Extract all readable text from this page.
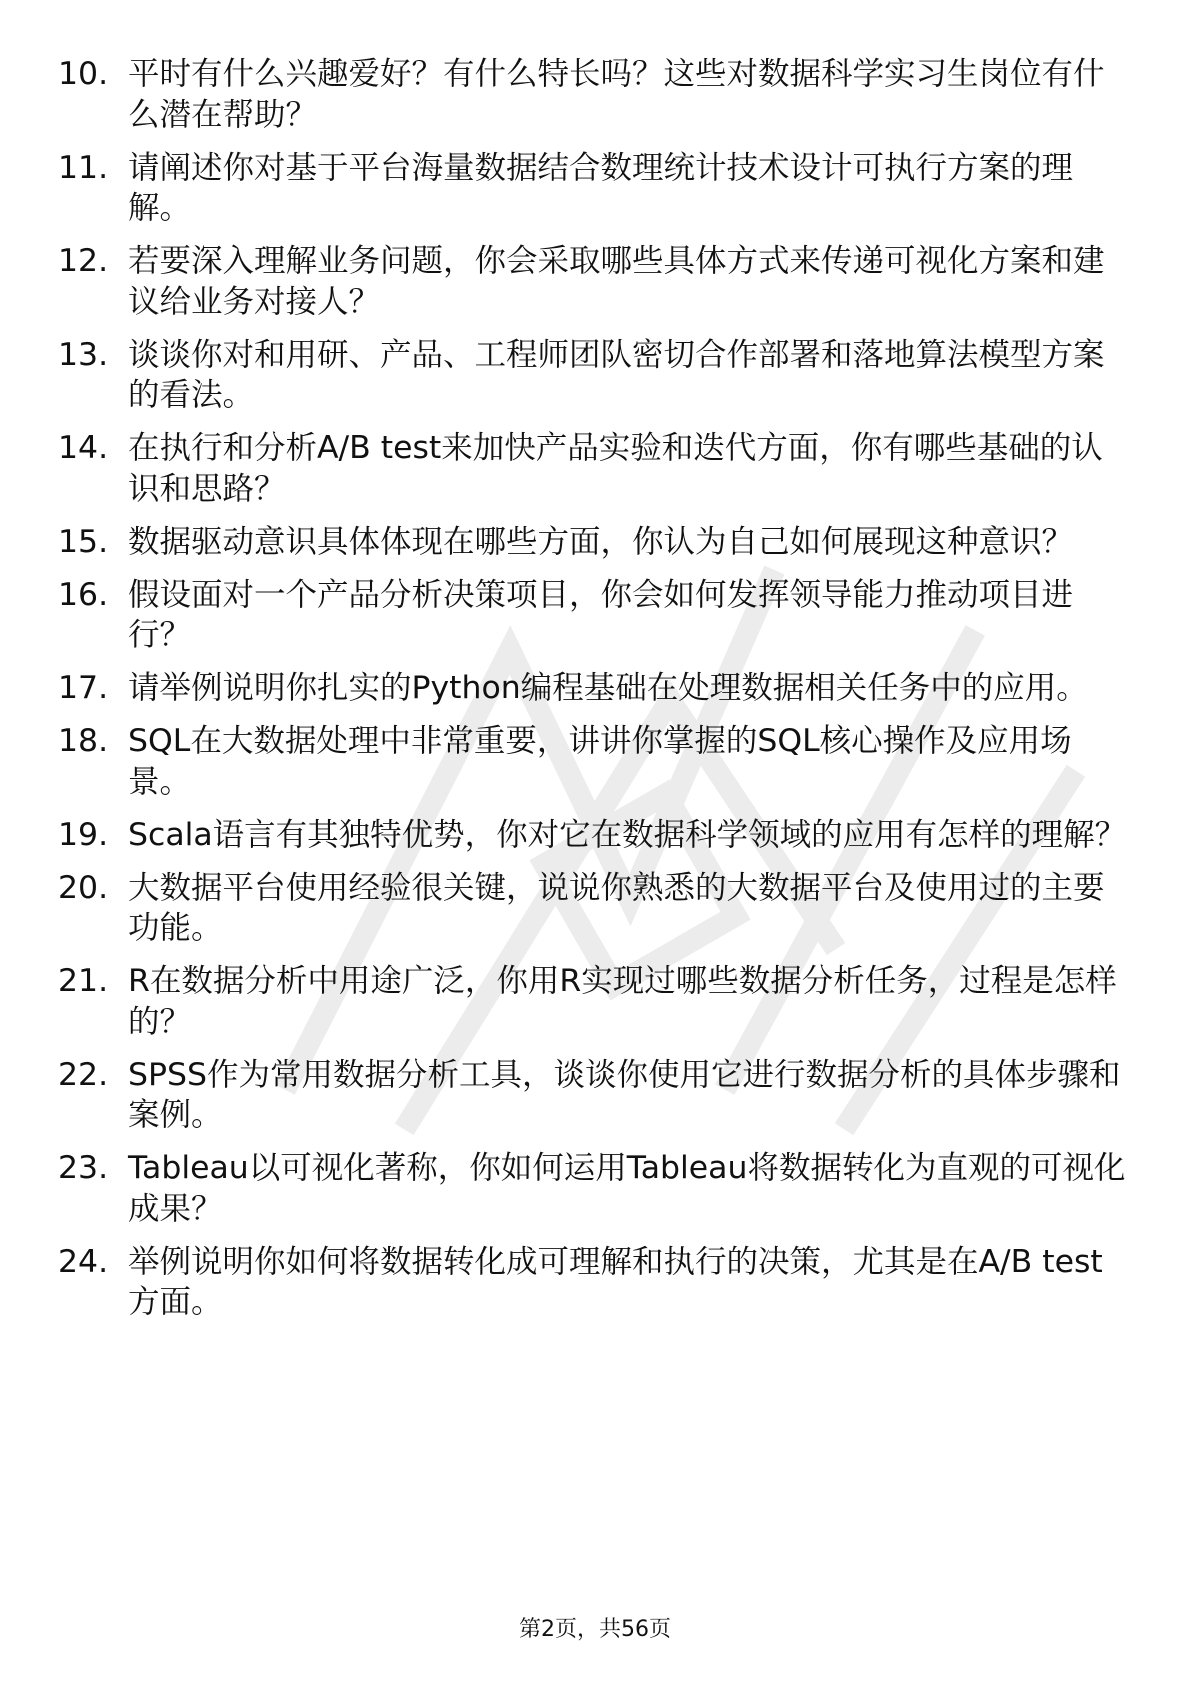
10. 平时有什么兴趣爱好？有什么特长吗？这些对数据科学实习生岗位有什么潜在帮助？
11. 请阐述你对基于平台海量数据结合数理统计技术设计可执行方案的理解。
12. 若要深入理解业务问题，你会采取哪些具体方式来传递可视化方案和建议给业务对接人？
13. 谈谈你对和用研、产品、工程师团队密切合作部署和落地算法模型方案的看法。
14. 在执行和分析A/B test来加快产品实验和迭代方面，你有哪些基础的认识和思路？
15. 数据驱动意识具体体现在哪些方面，你认为自己如何展现这种意识？
16. 假设面对一个产品分析决策项目，你会如何发挥领导能力推动项目进行？
17. 请举例说明你扎实的Python编程基础在处理数据相关任务中的应用。
18. SQL在大数据处理中非常重要，讲讲你掌握的SQL核心操作及应用场景。
19. Scala语言有其独特优势，你对它在数据科学领域的应用有怎样的理解？
20. 大数据平台使用经验很关键，说说你熟悉的大数据平台及使用过的主要功能。
21. R在数据分析中用途广泛，你用R实现过哪些数据分析任务，过程是怎样的？
22. SPSS作为常用数据分析工具，谈谈你使用它进行数据分析的具体步骤和案例。
23. Tableau以可视化著称，你如何运用Tableau将数据转化为直观的可视化成果？
24. 举例说明你如何将数据转化成可理解和执行的决策，尤其是在A/B test方面。
第2页，共56页
